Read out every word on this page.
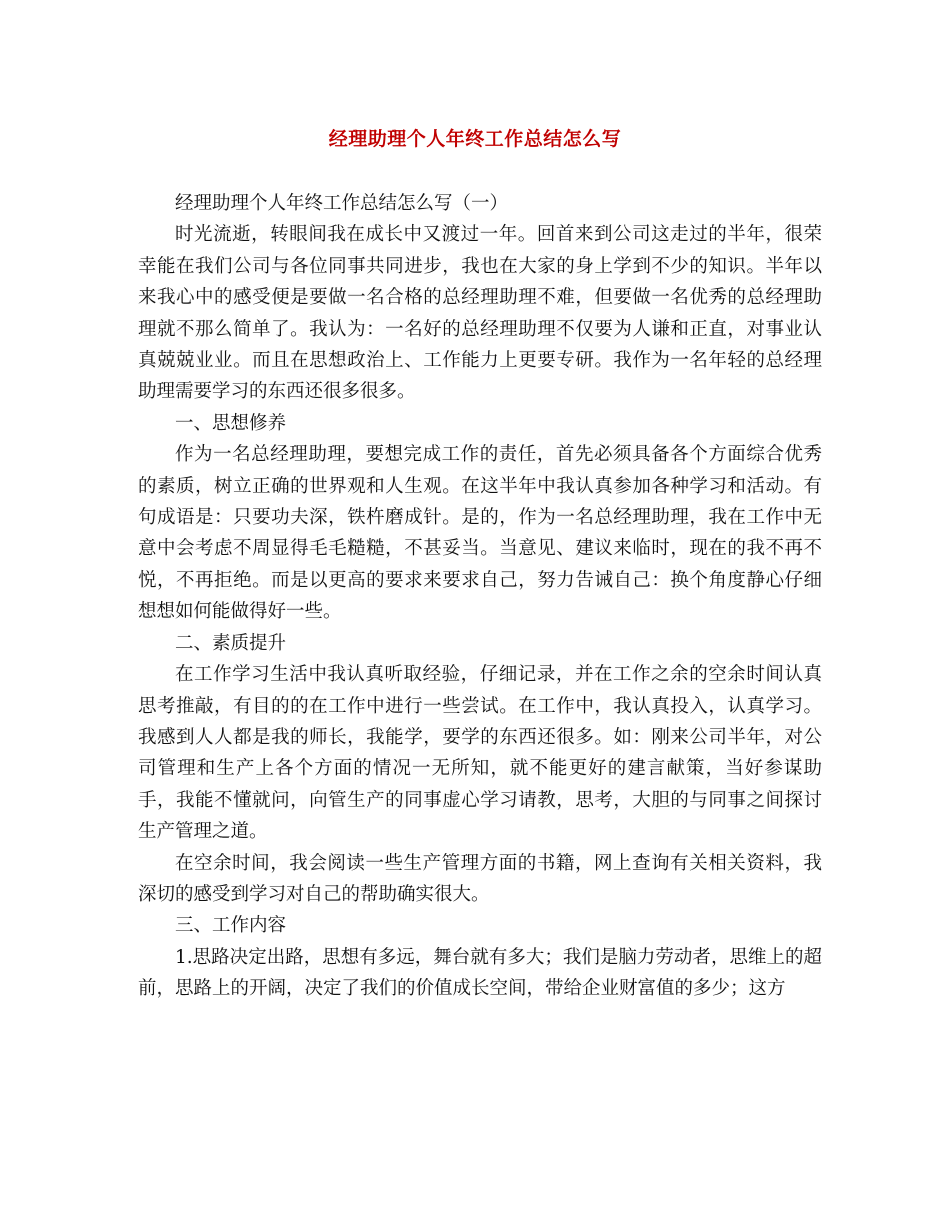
经理助理个人年终工作总结怎么写

经理助理个人年终工作总结怎么写（一）

时光流逝，转眼间我在成长中又渡过一年。回首来到公司这走过的半年，很荣幸能在我们公司与各位同事共同进步，我也在大家的身上学到不少的知识。半年以来我心中的感受便是要做一名合格的总经理助理不难，但要做一名优秀的总经理助理就不那么简单了。我认为：一名好的总经理助理不仅要为人谦和正直，对事业认真兢兢业业。而且在思想政治上、工作能力上更要专研。我作为一名年轻的总经理助理需要学习的东西还很多很多。

一、思想修养

作为一名总经理助理，要想完成工作的责任，首先必须具备各个方面综合优秀的素质，树立正确的世界观和人生观。在这半年中我认真参加各种学习和活动。有句成语是：只要功夫深，铁杵磨成针。是的，作为一名总经理助理，我在工作中无意中会考虑不周显得毛毛糙糙，不甚妥当。当意见、建议来临时，现在的我不再不悦，不再拒绝。而是以更高的要求来要求自己，努力告诫自己：换个角度静心仔细想想如何能做得好一些。

二、素质提升

在工作学习生活中我认真听取经验，仔细记录，并在工作之余的空余时间认真思考推敲，有目的的在工作中进行一些尝试。在工作中，我认真投入，认真学习。我感到人人都是我的师长，我能学，要学的东西还很多。如：刚来公司半年，对公司管理和生产上各个方面的情况一无所知，就不能更好的建言献策，当好参谋助手，我能不懂就问，向管生产的同事虚心学习请教，思考，大胆的与同事之间探讨生产管理之道。

在空余时间，我会阅读一些生产管理方面的书籍，网上查询有关相关资料，我深切的感受到学习对自己的帮助确实很大。

三、工作内容

1.思路决定出路，思想有多远，舞台就有多大；我们是脑力劳动者，思维上的超前，思路上的开阔，决定了我们的价值成长空间，带给企业财富值的多少；这方
